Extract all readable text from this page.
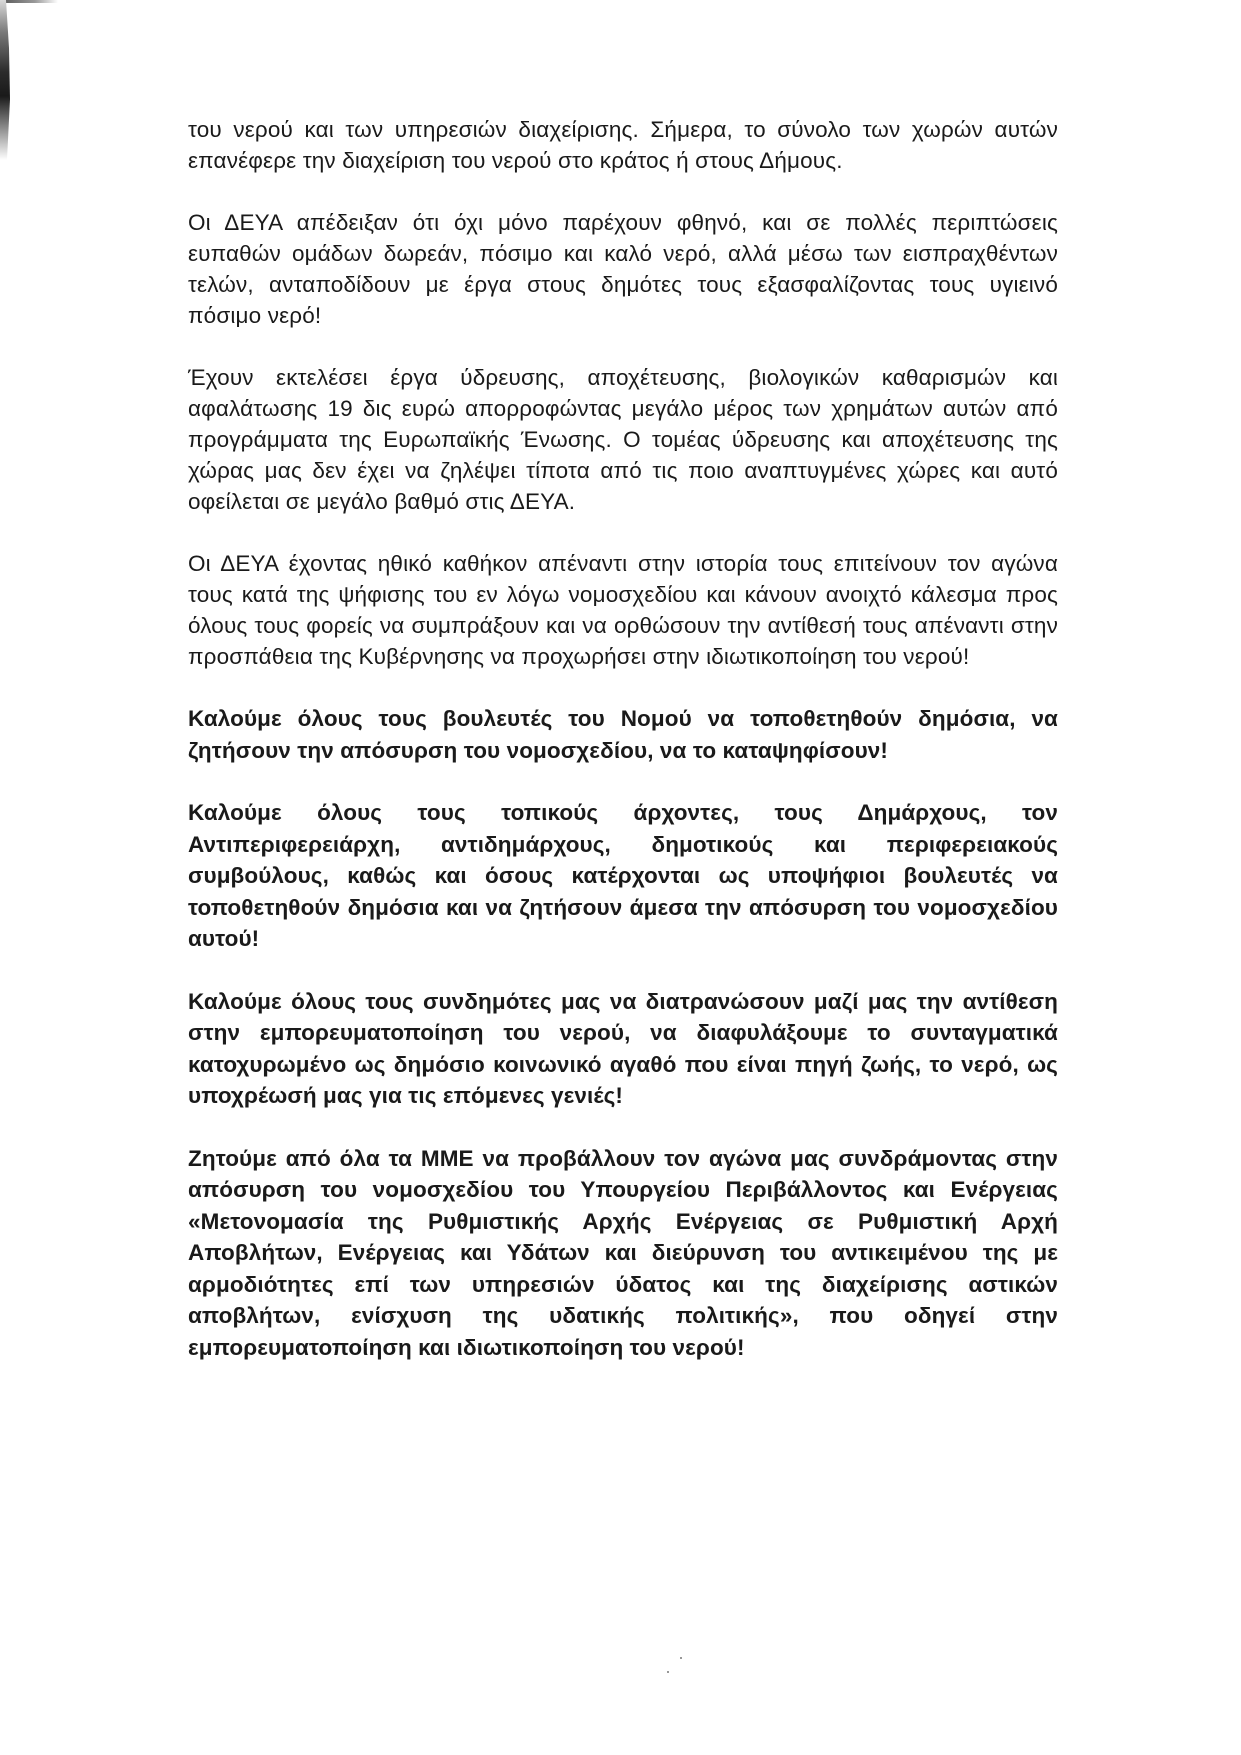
του νερού και των υπηρεσιών διαχείρισης. Σήμερα, το σύνολο των χωρών αυτών επανέφερε την διαχείριση του νερού στο κράτος ή στους Δήμους.

Οι ΔΕΥΑ απέδειξαν ότι όχι μόνο παρέχουν φθηνό, και σε πολλές περιπτώσεις ευπαθών ομάδων δωρεάν, πόσιμο και καλό νερό, αλλά μέσω των εισπραχθέντων τελών, ανταποδίδουν με έργα στους δημότες τους εξασφαλίζοντας τους υγιεινό πόσιμο νερό!

Έχουν εκτελέσει έργα ύδρευσης, αποχέτευσης, βιολογικών καθαρισμών και αφαλάτωσης 19 δις ευρώ απορροφώντας μεγάλο μέρος των χρημάτων αυτών από προγράμματα της Ευρωπαϊκής Ένωσης. Ο τομέας ύδρευσης και αποχέτευσης της χώρας μας δεν έχει να ζηλέψει τίποτα από τις ποιο αναπτυγμένες χώρες και αυτό οφείλεται σε μεγάλο βαθμό στις ΔΕΥΑ.

Οι ΔΕΥΑ έχοντας ηθικό καθήκον απέναντι στην ιστορία τους επιτείνουν τον αγώνα τους κατά της ψήφισης του εν λόγω νομοσχεδίου και κάνουν ανοιχτό κάλεσμα προς όλους τους φορείς να συμπράξουν και να ορθώσουν την αντίθεσή τους απέναντι στην προσπάθεια της Κυβέρνησης να προχωρήσει στην ιδιωτικοποίηση του νερού!

Καλούμε όλους τους βουλευτές του Νομού να τοποθετηθούν δημόσια, να ζητήσουν την απόσυρση του νομοσχεδίου, να το καταψηφίσουν!

Καλούμε όλους τους τοπικούς άρχοντες, τους Δημάρχους, τον Αντιπεριφερειάρχη, αντιδημάρχους, δημοτικούς και περιφερειακούς συμβούλους, καθώς και όσους κατέρχονται ως υποψήφιοι βουλευτές να τοποθετηθούν δημόσια και να ζητήσουν άμεσα την απόσυρση του νομοσχεδίου αυτού!

Καλούμε όλους τους συνδημότες μας να διατρανώσουν μαζί μας την αντίθεση στην εμπορευματοποίηση του νερού, να διαφυλάξουμε το συνταγματικά κατοχυρωμένο ως δημόσιο κοινωνικό αγαθό που είναι πηγή ζωής, το νερό, ως υποχρέωσή μας για τις επόμενες γενιές!

Ζητούμε από όλα τα ΜΜΕ να προβάλλουν τον αγώνα μας συνδράμοντας στην απόσυρση του νομοσχεδίου του Υπουργείου Περιβάλλοντος και Ενέργειας «Μετονομασία της Ρυθμιστικής Αρχής Ενέργειας σε Ρυθμιστική Αρχή Αποβλήτων, Ενέργειας και Υδάτων και διεύρυνση του αντικειμένου της με αρμοδιότητες επί των υπηρεσιών ύδατος και της διαχείρισης αστικών αποβλήτων, ενίσχυση της υδατικής πολιτικής», που οδηγεί στην εμπορευματοποίηση και ιδιωτικοποίηση του νερού!
